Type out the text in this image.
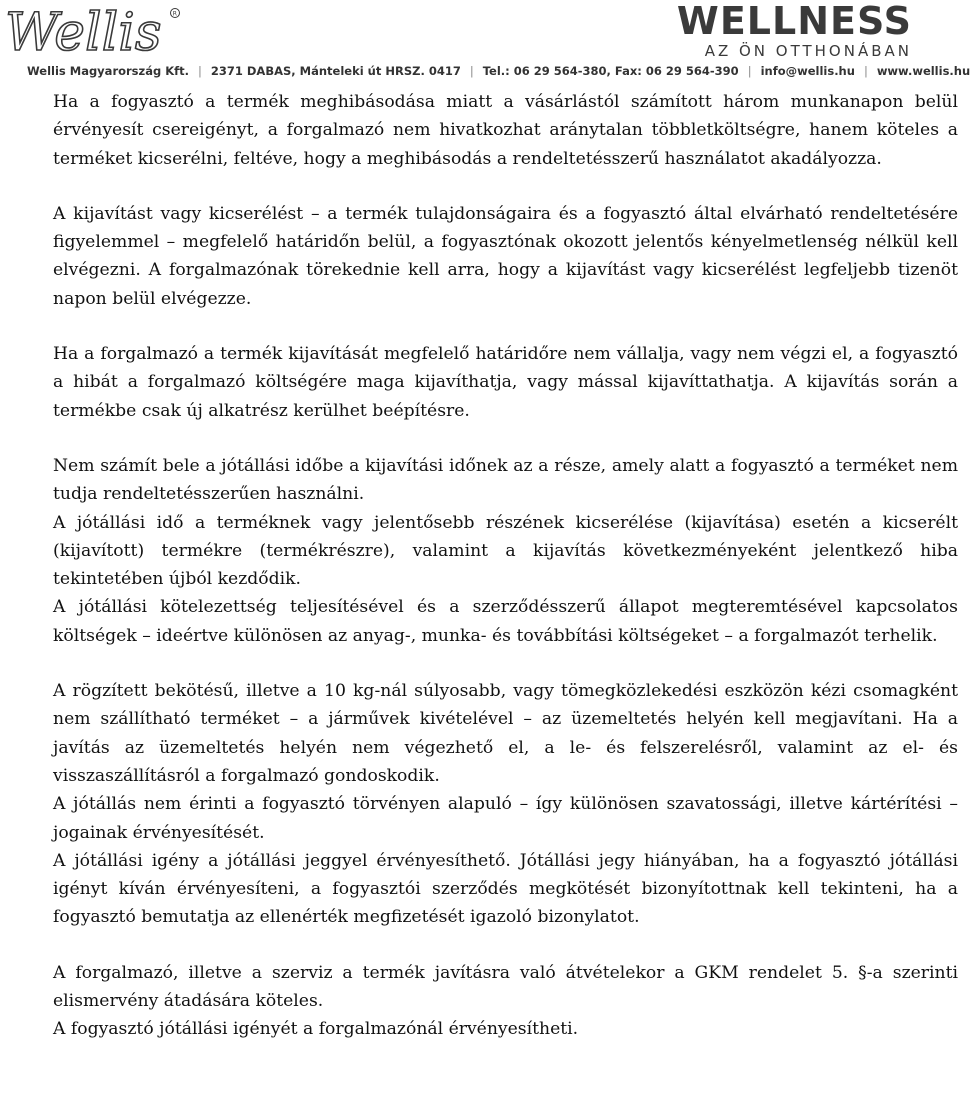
Wellis R	WELLNESS
AZ ÖN OTTHONÁBAN
Wellis Magyarország Kft. | 2371 DABAS, Mánteleki út HRSZ. 0417 | Tel.: 06 29 564-380, Fax: 06 29 564-390 | info@wellis.hu | www.wellis.hu

Ha a fogyasztó a termék meghibásodása miatt a vásárlástól számított három munkanapon belül érvényesít csereigényt, a forgalmazó nem hivatkozhat aránytalan többletköltségre, hanem köteles a terméket kicserélni, feltéve, hogy a meghibásodás a rendeltetésszerű használatot akadályozza.

A kijavítást vagy kicserélést – a termék tulajdonságaira és a fogyasztó által elvárható rendeltetésére figyelemmel – megfelelő határidőn belül, a fogyasztónak okozott jelentős kényelmetlenség nélkül kell elvégezni. A forgalmazónak törekednie kell arra, hogy a kijavítást vagy kicserélést legfeljebb tizenöt napon belül elvégezze.

Ha a forgalmazó a termék kijavítását megfelelő határidőre nem vállalja, vagy nem végzi el, a fogyasztó a hibát a forgalmazó költségére maga kijavíthatja, vagy mással kijavíttathatja. A kijavítás során a termékbe csak új alkatrész kerülhet beépítésre.

Nem számít bele a jótállási időbe a kijavítási időnek az a része, amely alatt a fogyasztó a terméket nem tudja rendeltetésszerűen használni.

A jótállási idő a terméknek vagy jelentősebb részének kicserélése (kijavítása) esetén a kicserélt (kijavított) termékre (termékrészre), valamint a kijavítás következményeként jelentkező hiba tekintetében újból kezdődik.

A jótállási kötelezettség teljesítésével és a szerződésszerű állapot megteremtésével kapcsolatos költségek – ideértve különösen az anyag-, munka- és továbbítási költségeket – a forgalmazót terhelik.

A rögzített bekötésű, illetve a 10 kg-nál súlyosabb, vagy tömegközlekedési eszközön kézi csomagként nem szállítható terméket – a járművek kivételével – az üzemeltetés helyén kell megjavítani. Ha a javítás az üzemeltetés helyén nem végezhető el, a le- és felszerelésről, valamint az el- és visszaszállításról a forgalmazó gondoskodik.

A jótállás nem érinti a fogyasztó törvényen alapuló – így különösen szavatossági, illetve kártérítési – jogainak érvényesítését.

A jótállási igény a jótállási jeggyel érvényesíthető. Jótállási jegy hiányában, ha a fogyasztó jótállási igényt kíván érvényesíteni, a fogyasztói szerződés megkötését bizonyítottnak kell tekinteni, ha a fogyasztó bemutatja az ellenérték megfizetését igazoló bizonylatot.

A forgalmazó, illetve a szerviz a termék javításra való átvételekor a GKM rendelet 5. §-a szerinti elismervény átadására köteles.

A fogyasztó jótállási igényét a forgalmazónál érvényesítheti.
